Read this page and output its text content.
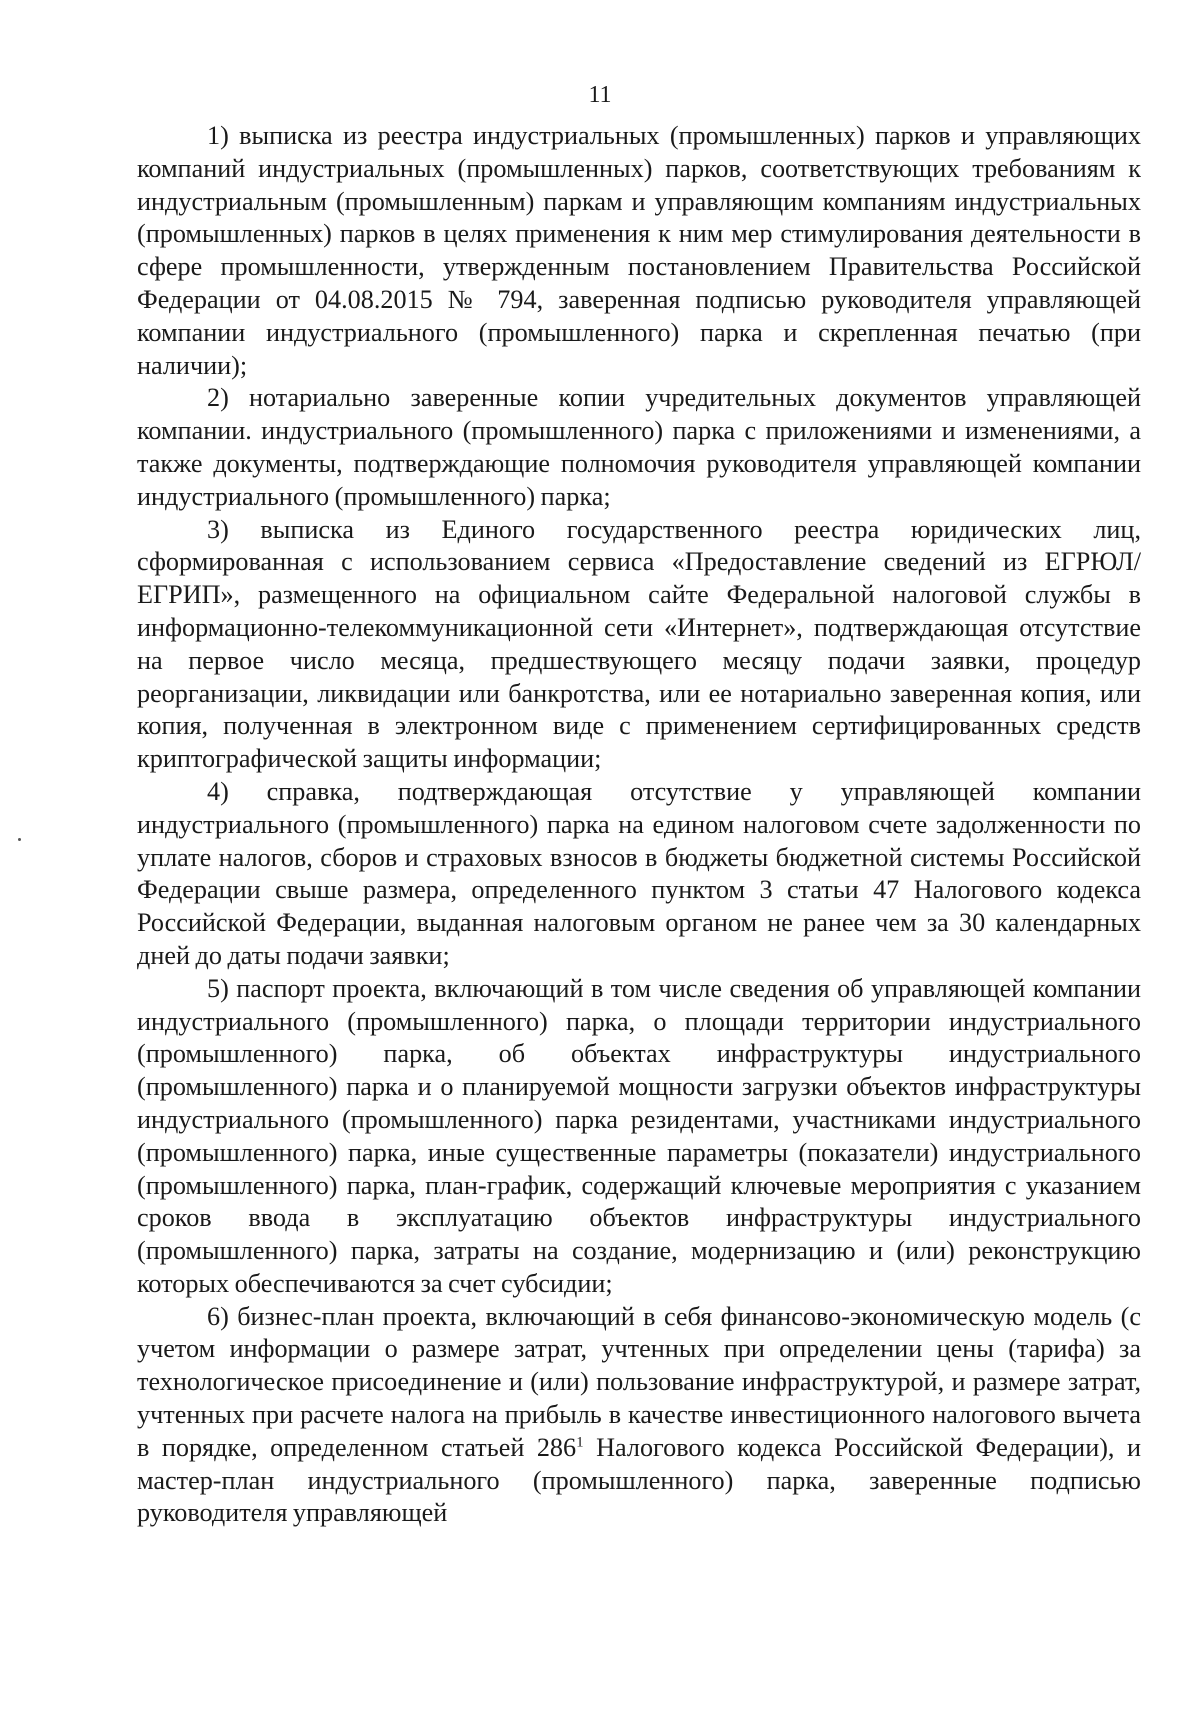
11

1) выписка из реестра индустриальных (промышленных) парков и управляющих компаний индустриальных (промышленных) парков, соответствующих требованиям к индустриальным (промышленным) паркам и управляющим компаниям индустриальных (промышленных) парков в целях применения к ним мер стимулирования деятельности в сфере промышленности, утвержденным постановлением Правительства Российской Федерации от 04.08.2015 № 794, заверенная подписью руководителя управляющей компании индустриального (промышленного) парка и скрепленная печатью (при наличии);

2) нотариально заверенные копии учредительных документов управляющей компании. индустриального (промышленного) парка с приложениями и изменениями, а также документы, подтверждающие полномочия руководителя управляющей компании индустриального (промышленного) парка;

3) выписка из Единого государственного реестра юридических лиц, сформированная с использованием сервиса «Предоставление сведений из ЕГРЮЛ/ЕГРИП», размещенного на официальном сайте Федеральной налоговой службы в информационно-телекоммуникационной сети «Интернет», подтверждающая отсутствие на первое число месяца, предшествующего месяцу подачи заявки, процедур реорганизации, ликвидации или банкротства, или ее нотариально заверенная копия, или копия, полученная в электронном виде с применением сертифицированных средств криптографической защиты информации;

4) справка, подтверждающая отсутствие у управляющей компании индустриального (промышленного) парка на едином налоговом счете задолженности по уплате налогов, сборов и страховых взносов в бюджеты бюджетной системы Российской Федерации свыше размера, определенного пунктом 3 статьи 47 Налогового кодекса Российской Федерации, выданная налоговым органом не ранее чем за 30 календарных дней до даты подачи заявки;

5) паспорт проекта, включающий в том числе сведения об управляющей компании индустриального (промышленного) парка, о площади территории индустриального (промышленного) парка, об объектах инфраструктуры индустриального (промышленного) парка и о планируемой мощности загрузки объектов инфраструктуры индустриального (промышленного) парка резидентами, участниками индустриального (промышленного) парка, иные существенные параметры (показатели) индустриального (промышленного) парка, план-график, содержащий ключевые мероприятия с указанием сроков ввода в эксплуатацию объектов инфраструктуры индустриального (промышленного) парка, затраты на создание, модернизацию и (или) реконструкцию которых обеспечиваются за счет субсидии;

6) бизнес-план проекта, включающий в себя финансово-экономическую модель (с учетом информации о размере затрат, учтенных при определении цены (тарифа) за технологическое присоединение и (или) пользование инфраструктурой, и размере затрат, учтенных при расчете налога на прибыль в качестве инвестиционного налогового вычета в порядке, определенном статьей $286^1$ Налогового кодекса Российской Федерации), и мастер-план индустриального (промышленного) парка, заверенные подписью руководителя управляющей
